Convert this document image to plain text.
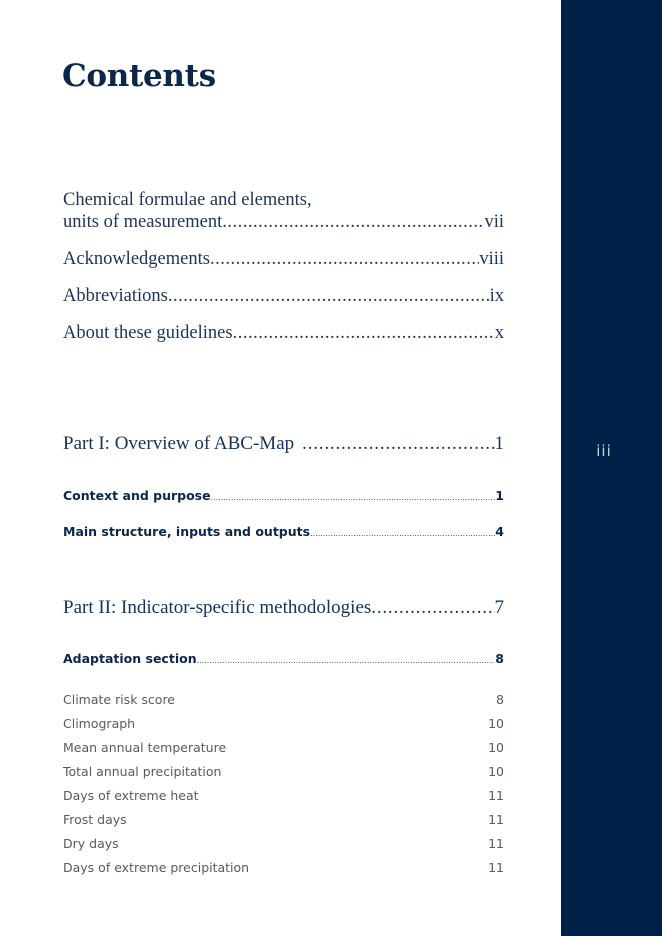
Contents
Chemical formulae and elements,
units of measurement .....	vii
Acknowledgements .....	viii
Abbreviations .....	ix
About these guidelines .....	x
Part I: Overview of ABC-Map .....	1
Context and purpose .....	1
Main structure, inputs and outputs .....	4
Part II: Indicator-specific methodologies .....	7
Adaptation section .....	8
Climate risk score	8
Climograph	10
Mean annual temperature	10
Total annual precipitation	10
Days of extreme heat	11
Frost days	11
Dry days	11
Days of extreme precipitation	11
iii
